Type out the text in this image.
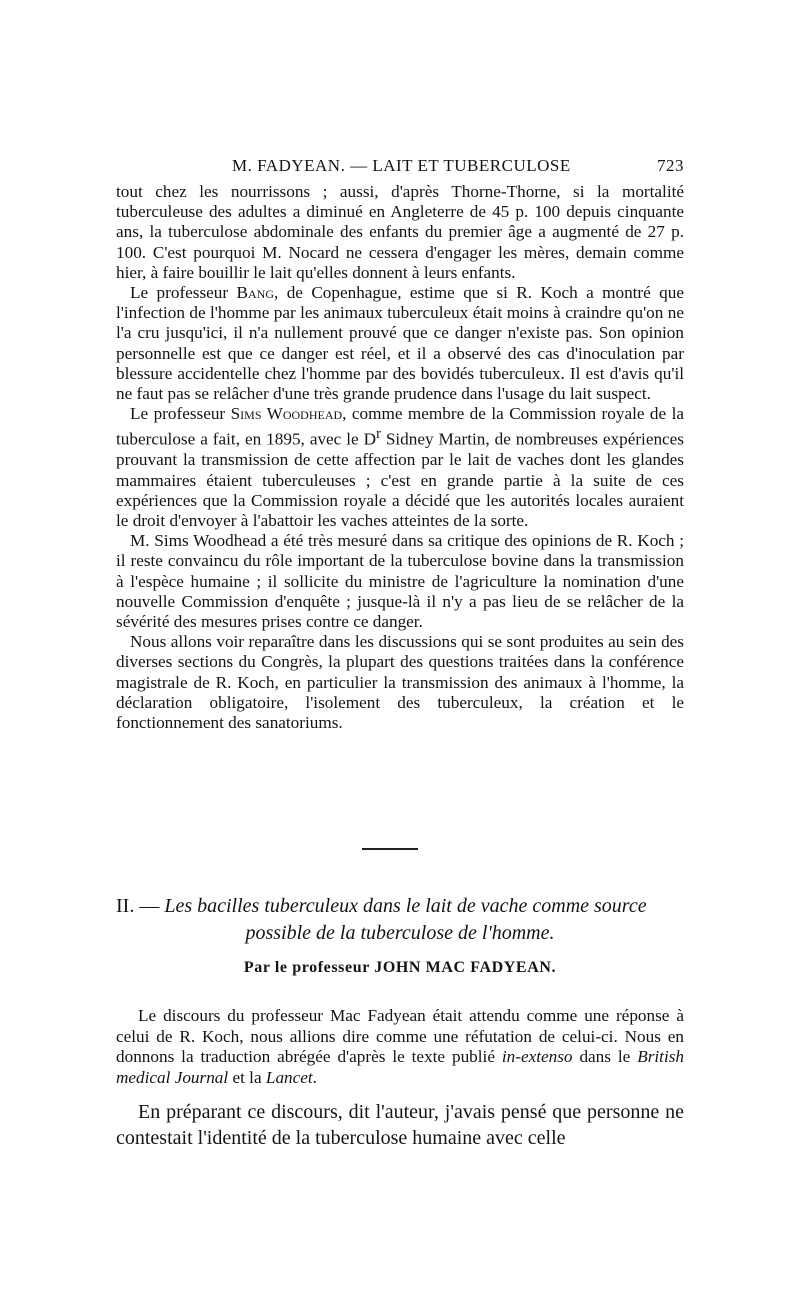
M. FADYEAN. — LAIT ET TUBERCULOSE	723

tout chez les nourrissons ; aussi, d'après Thorne-Thorne, si la mortalité tuberculeuse des adultes a diminué en Angleterre de 45 p. 100 depuis cinquante ans, la tuberculose abdominale des enfants du premier âge a augmenté de 27 p. 100. C'est pourquoi M. Nocard ne cessera d'engager les mères, demain comme hier, à faire bouillir le lait qu'elles donnent à leurs enfants.

Le professeur Bang, de Copenhague, estime que si R. Koch a montré que l'infection de l'homme par les animaux tuberculeux était moins à craindre qu'on ne l'a cru jusqu'ici, il n'a nullement prouvé que ce danger n'existe pas. Son opinion personnelle est que ce danger est réel, et il a observé des cas d'inoculation par blessure accidentelle chez l'homme par des bovidés tuberculeux. Il est d'avis qu'il ne faut pas se relâcher d'une très grande prudence dans l'usage du lait suspect.

Le professeur Sims Woodhead, comme membre de la Commission royale de la tuberculose a fait, en 1895, avec le $D^r$ Sidney Martin, de nombreuses expériences prouvant la transmission de cette affection par le lait de vaches dont les glandes mammaires étaient tuberculeuses ; c'est en grande partie à la suite de ces expériences que la Commission royale a décidé que les autorités locales auraient le droit d'envoyer à l'abattoir les vaches atteintes de la sorte.

M. Sims Woodhead a été très mesuré dans sa critique des opinions de R. Koch ; il reste convaincu du rôle important de la tuberculose bovine dans la transmission à l'espèce humaine ; il sollicite du ministre de l'agriculture la nomination d'une nouvelle Commission d'enquête ; jusque-là il n'y a pas lieu de se relâcher de la sévérité des mesures prises contre ce danger.

Nous allons voir reparaître dans les discussions qui se sont produites au sein des diverses sections du Congrès, la plupart des questions traitées dans la conférence magistrale de R. Koch, en particulier la transmission des animaux à l'homme, la déclaration obligatoire, l'isolement des tuberculeux, la création et le fonctionnement des sanatoriums.

II. — Les bacilles tuberculeux dans le lait de vache comme source
possible de la tuberculose de l'homme.
Par le professeur JOHN MAC FADYEAN.

Le discours du professeur Mac Fadyean était attendu comme une réponse à celui de R. Koch, nous allions dire comme une réfutation de celui-ci. Nous en donnons la traduction abrégée d'après le texte publié in-extenso dans le British medical Journal et la Lancet.

En préparant ce discours, dit l'auteur, j'avais pensé que personne ne contestait l'identité de la tuberculose humaine avec celle
